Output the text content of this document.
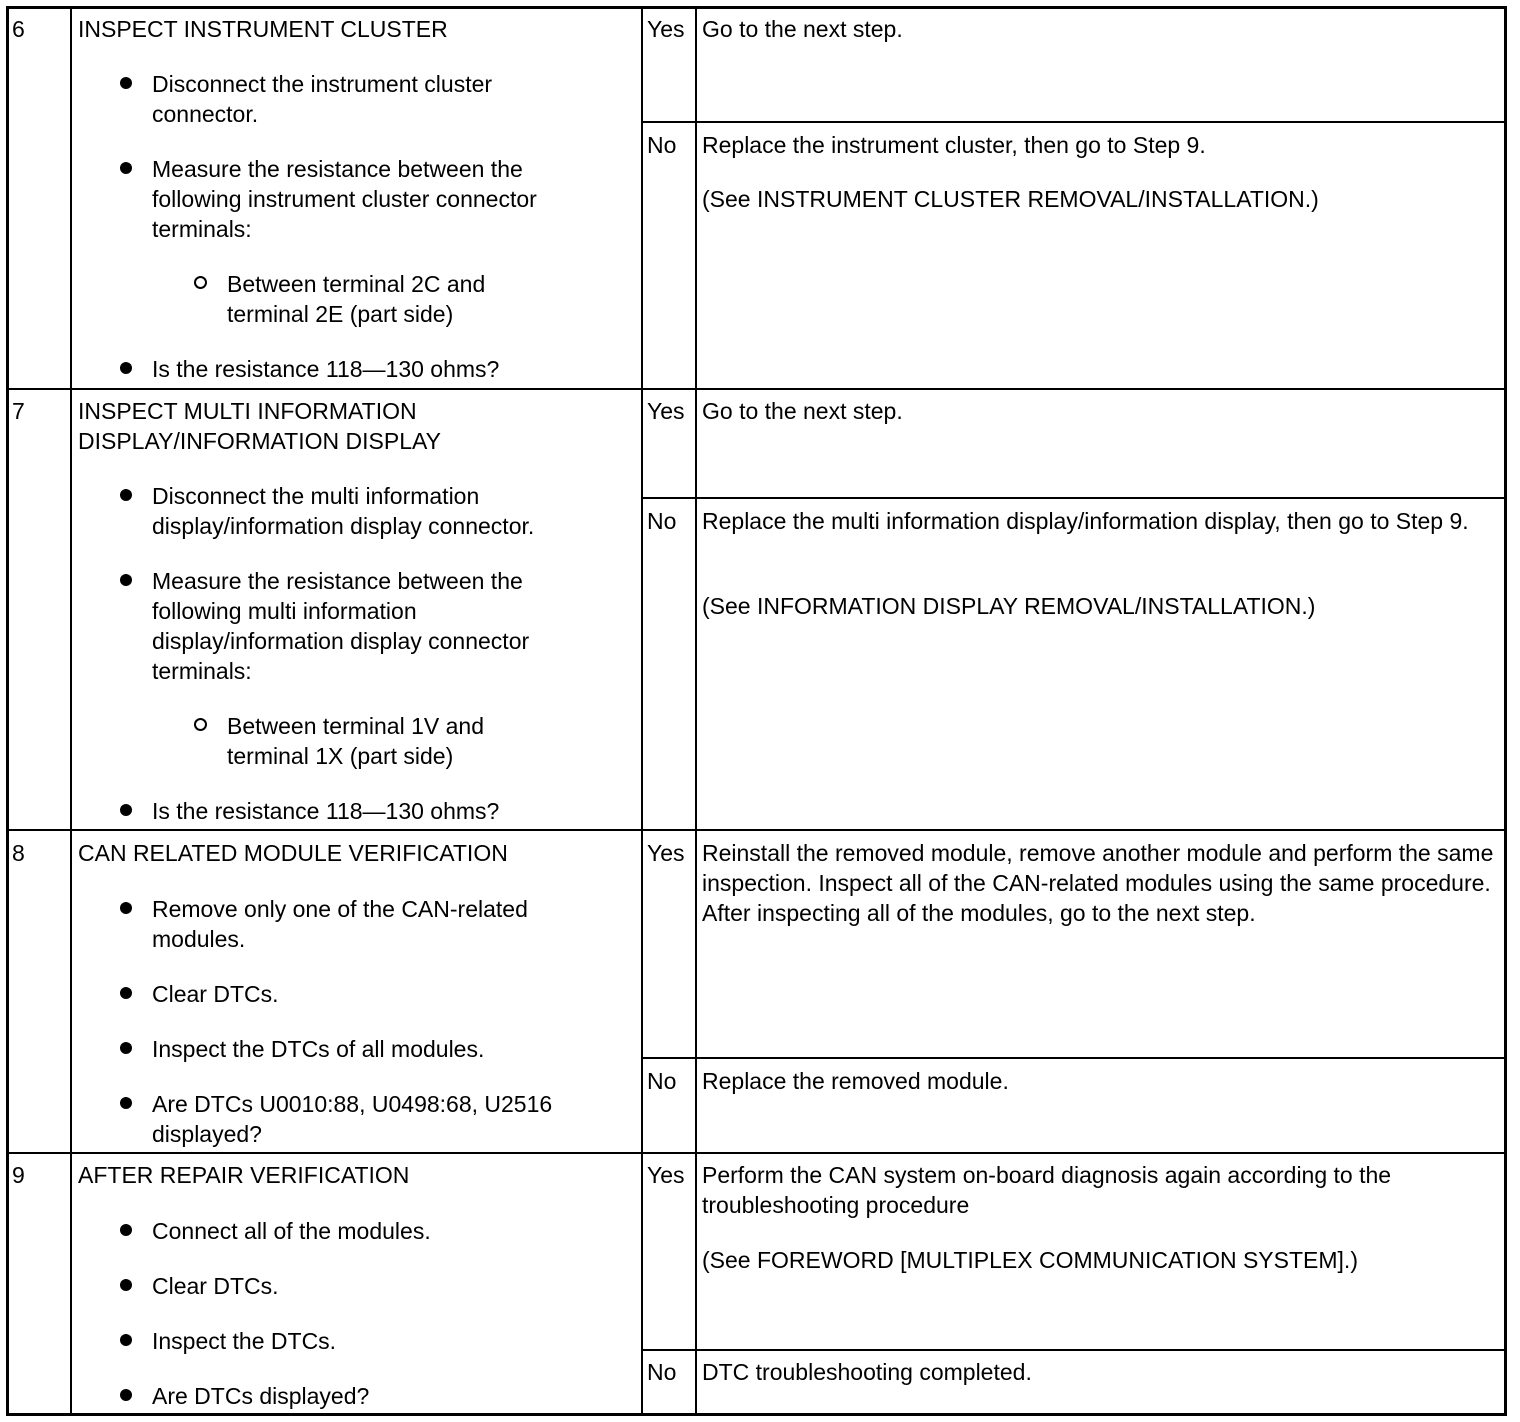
6 INSPECT INSTRUMENT CLUSTER
Disconnect the instrument cluster connector.
Measure the resistance between the following instrument cluster connector terminals:
Between terminal 2C and terminal 2E (part side)
Is the resistance 118—130 ohms?
Yes Go to the next step.
No Replace the instrument cluster, then go to Step 9.
(See INSTRUMENT CLUSTER REMOVAL/INSTALLATION.)
7 INSPECT MULTI INFORMATION DISPLAY/INFORMATION DISPLAY
Disconnect the multi information display/information display connector.
Measure the resistance between the following multi information display/information display connector terminals:
Between terminal 1V and terminal 1X (part side)
Is the resistance 118—130 ohms?
Yes Go to the next step.
No Replace the multi information display/information display, then go to Step 9.
(See INFORMATION DISPLAY REMOVAL/INSTALLATION.)
8 CAN RELATED MODULE VERIFICATION
Remove only one of the CAN-related modules.
Clear DTCs.
Inspect the DTCs of all modules.
Are DTCs U0010:88, U0498:68, U2516 displayed?
Yes Reinstall the removed module, remove another module and perform the same inspection. Inspect all of the CAN-related modules using the same procedure. After inspecting all of the modules, go to the next step.
No Replace the removed module.
9 AFTER REPAIR VERIFICATION
Connect all of the modules.
Clear DTCs.
Inspect the DTCs.
Are DTCs displayed?
Yes Perform the CAN system on-board diagnosis again according to the troubleshooting procedure
(See FOREWORD [MULTIPLEX COMMUNICATION SYSTEM].)
No DTC troubleshooting completed.
